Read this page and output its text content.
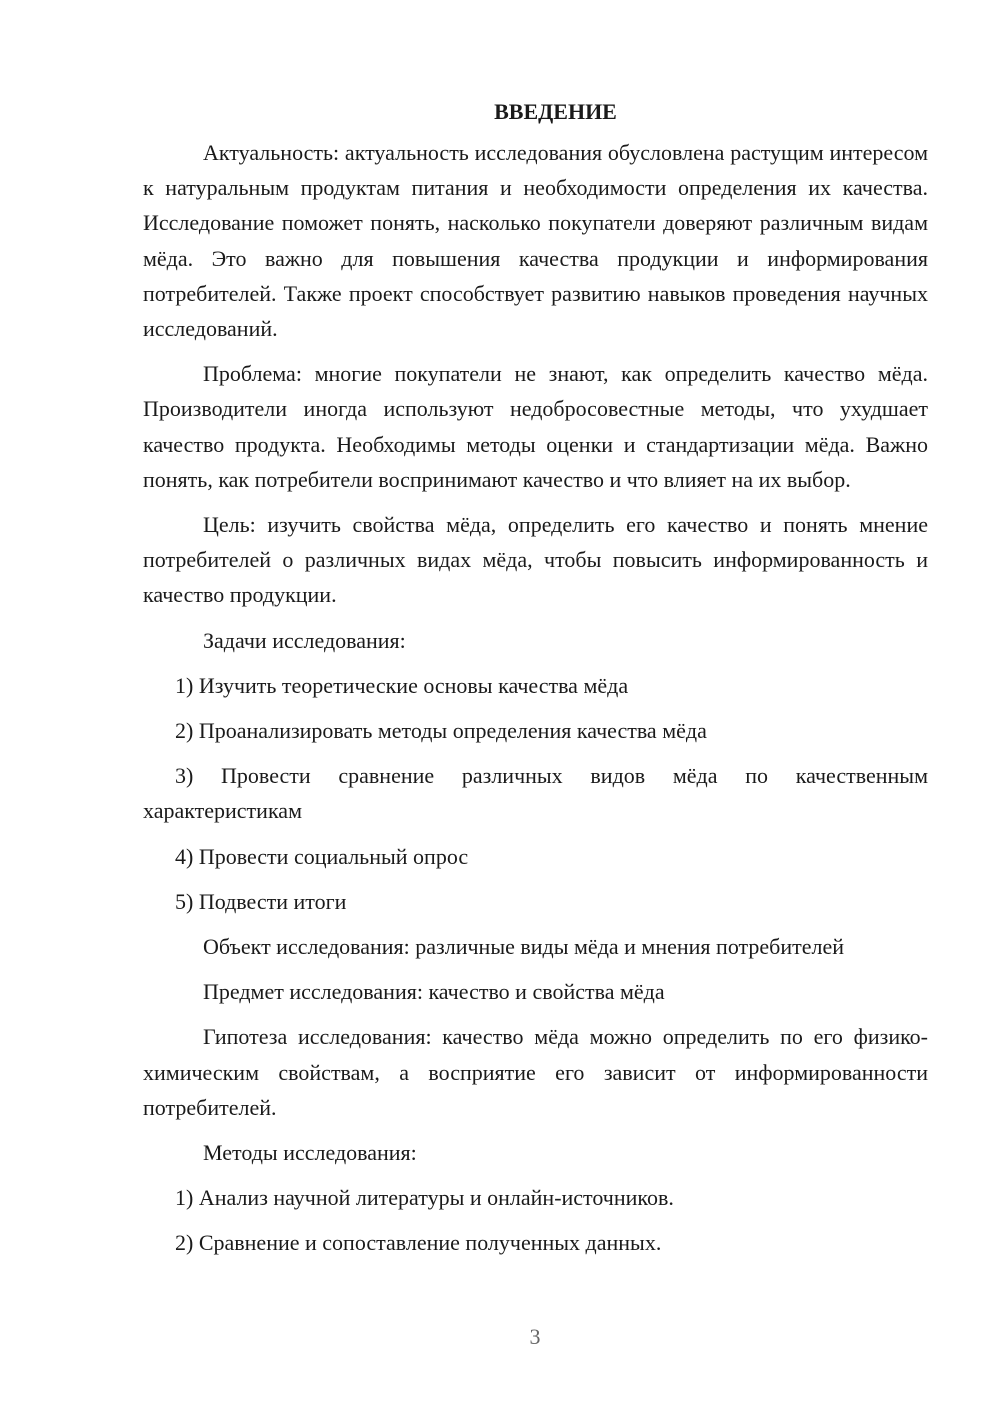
ВВЕДЕНИЕ

Актуальность: актуальность исследования обусловлена растущим интересом к натуральным продуктам питания и необходимости определения их качества. Исследование поможет понять, насколько покупатели доверяют различным видам мёда. Это важно для повышения качества продукции и информирования потребителей. Также проект способствует развитию навыков проведения научных исследований.

Проблема: многие покупатели не знают, как определить качество мёда. Производители иногда используют недобросовестные методы, что ухудшает качество продукта. Необходимы методы оценки и стандартизации мёда. Важно понять, как потребители воспринимают качество и что влияет на их выбор.

Цель: изучить свойства мёда, определить его качество и понять мнение потребителей о различных видах мёда, чтобы повысить информированность и качество продукции.

Задачи исследования:

1) Изучить теоретические основы качества мёда

2) Проанализировать методы определения качества мёда

3) Провести сравнение различных видов мёда по качественным характеристикам

4) Провести социальный опрос

5) Подвести итоги

Объект исследования: различные виды мёда и мнения потребителей

Предмет исследования: качество и свойства мёда

Гипотеза исследования: качество мёда можно определить по его физико-химическим свойствам, а восприятие его зависит от информированности потребителей.

Методы исследования:

1) Анализ научной литературы и онлайн-источников.

2) Сравнение и сопоставление полученных данных.

3
